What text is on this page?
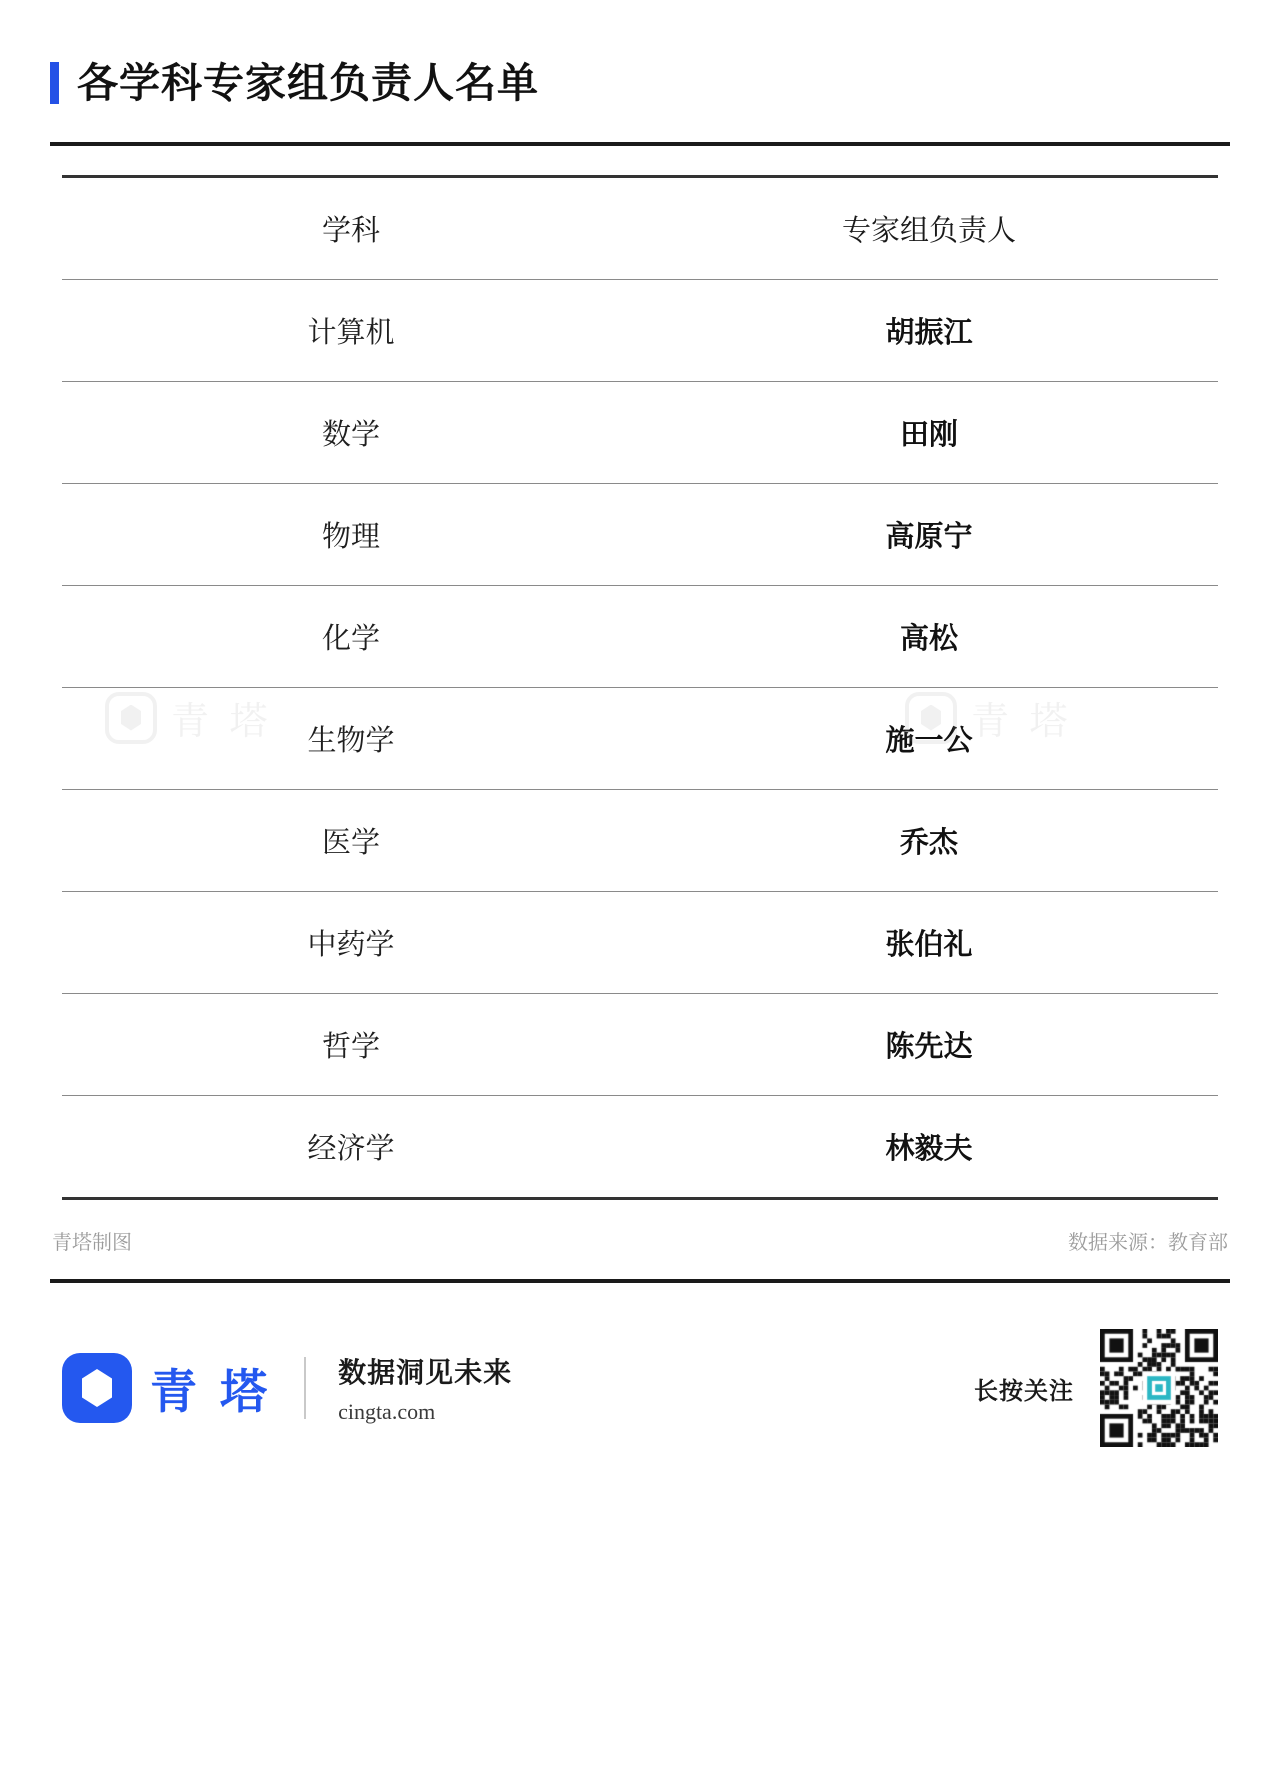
各学科专家组负责人名单
学科	专家组负责人
计算机	胡振江
数学	田刚
物理	高原宁
化学	高松
生物学	施一公
医学	乔杰
中药学	张伯礼
哲学	陈先达
经济学	林毅夫
青塔制图	数据来源：教育部
青 塔 数据洞见未来
cingta.com
长按关注
青 塔	青 塔
